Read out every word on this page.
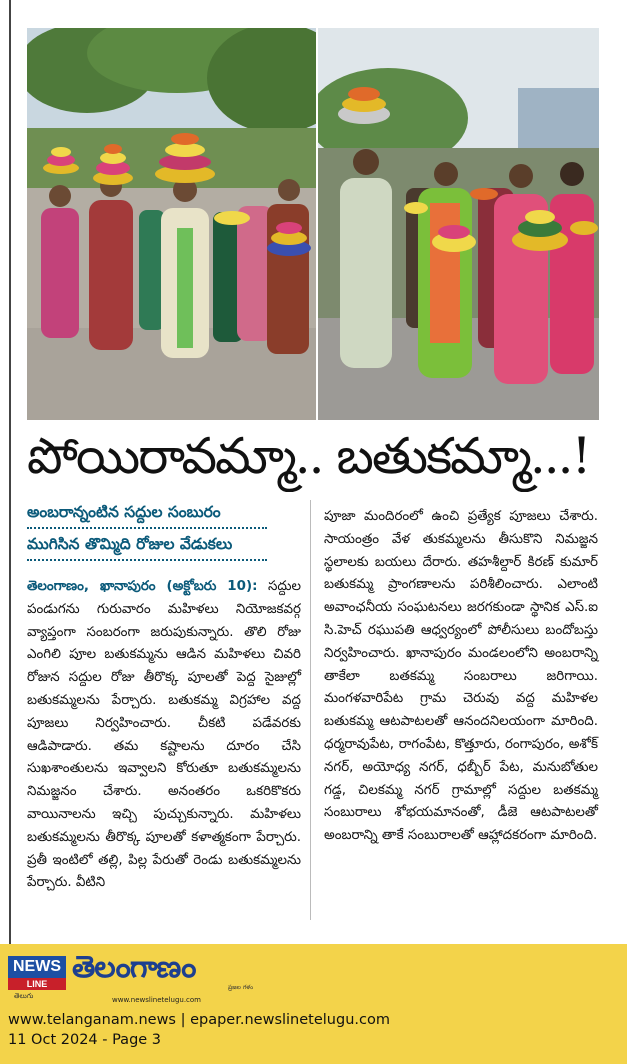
పోయిరావమ్మా.. బతుకమ్మా...!
అంబరాన్నంటిన సద్దుల సంబురం
ముగిసిన తొమ్మిది రోజుల వేడుకలు
తెలంగాణం, ఖానాపురం (అక్టోబరు 10): సద్దుల పండుగను గురువారం మహిళలు నియోజకవర్గ వ్యాప్తంగా సంబరంగా జరుపుకున్నారు. తొలి రోజు ఎంగిలి పూల బతుకమ్మను ఆడిన మహిళలు చివరి రోజున సద్దుల రోజు తీరొక్క పూలతో పెద్ద సైజుల్లో బతుకమ్మలను పేర్చారు. బతుకమ్మ విగ్రహాల వద్ద పూజలు నిర్వహించారు. చీకటి పడేవరకు ఆడిపాడారు. తమ కష్టాలను దూరం చేసి సుఖశాంతులను ఇవ్వాలని కోరుతూ బతుకమ్మలను నిమజ్జనం చేశారు. అనంతరం ఒకరికొకరు వాయినాలను ఇచ్చి పుచ్చుకున్నారు. మహిళలు బతుకమ్మలను తీరొక్క పూలతో కళాత్మకంగా పేర్చారు. ప్రతీ ఇంటిలో తల్లి, పిల్ల పేరుతో రెండు బతుకమ్మలను పేర్చారు. వీటిని
పూజా మందిరంలో ఉంచి ప్రత్యేక పూజలు చేశారు. సాయంత్రం వేళ తుకమ్మలను తీసుకొని నిమజ్జన స్థలాలకు బయలు దేరారు. తహశీల్దార్ కిరణ్ కుమార్ బతుకమ్మ ప్రాంగణాలను పరిశీలించారు. ఎలాంటి అవాంఛనీయ సంఘటనలు జరగకుండా స్థానిక ఎస్.ఐ సి.హెచ్ రఘుపతి ఆధ్వర్యంలో పోలీసులు బందోబస్తు నిర్వహించారు. ఖానాపురం మండలంలోని అంబరాన్ని తాకేలా బతకమ్మ సంబరాలు జరిగాయి. మంగళవారిపేట గ్రామ చెరువు వద్ద మహిళల బతుకమ్మ ఆటపాటలతో ఆనందనిలయంగా మారింది. ధర్మరావుపేట, రాగంపేట, కొత్తూరు, రంగాపురం, అశోక్ నగర్, అయోధ్య నగర్, ధబ్బీర్ పేట, మనుబోతుల గడ్డ, చిలకమ్మ నగర్ గ్రామాల్లో సద్దుల బతకమ్మ సంబురాలు శోభయమానంతో, డీజె ఆటపాటలతో అంబరాన్ని తాకే సంబురాలతో ఆహ్లాదకరంగా మారింది.
NEWS
LINE
తెలుగు
తెలంగాణం
ప్రజల గళం
www.newslinetelugu.com
www.telanganam.news | epaper.newslinetelugu.com
11 Oct 2024 - Page 3
